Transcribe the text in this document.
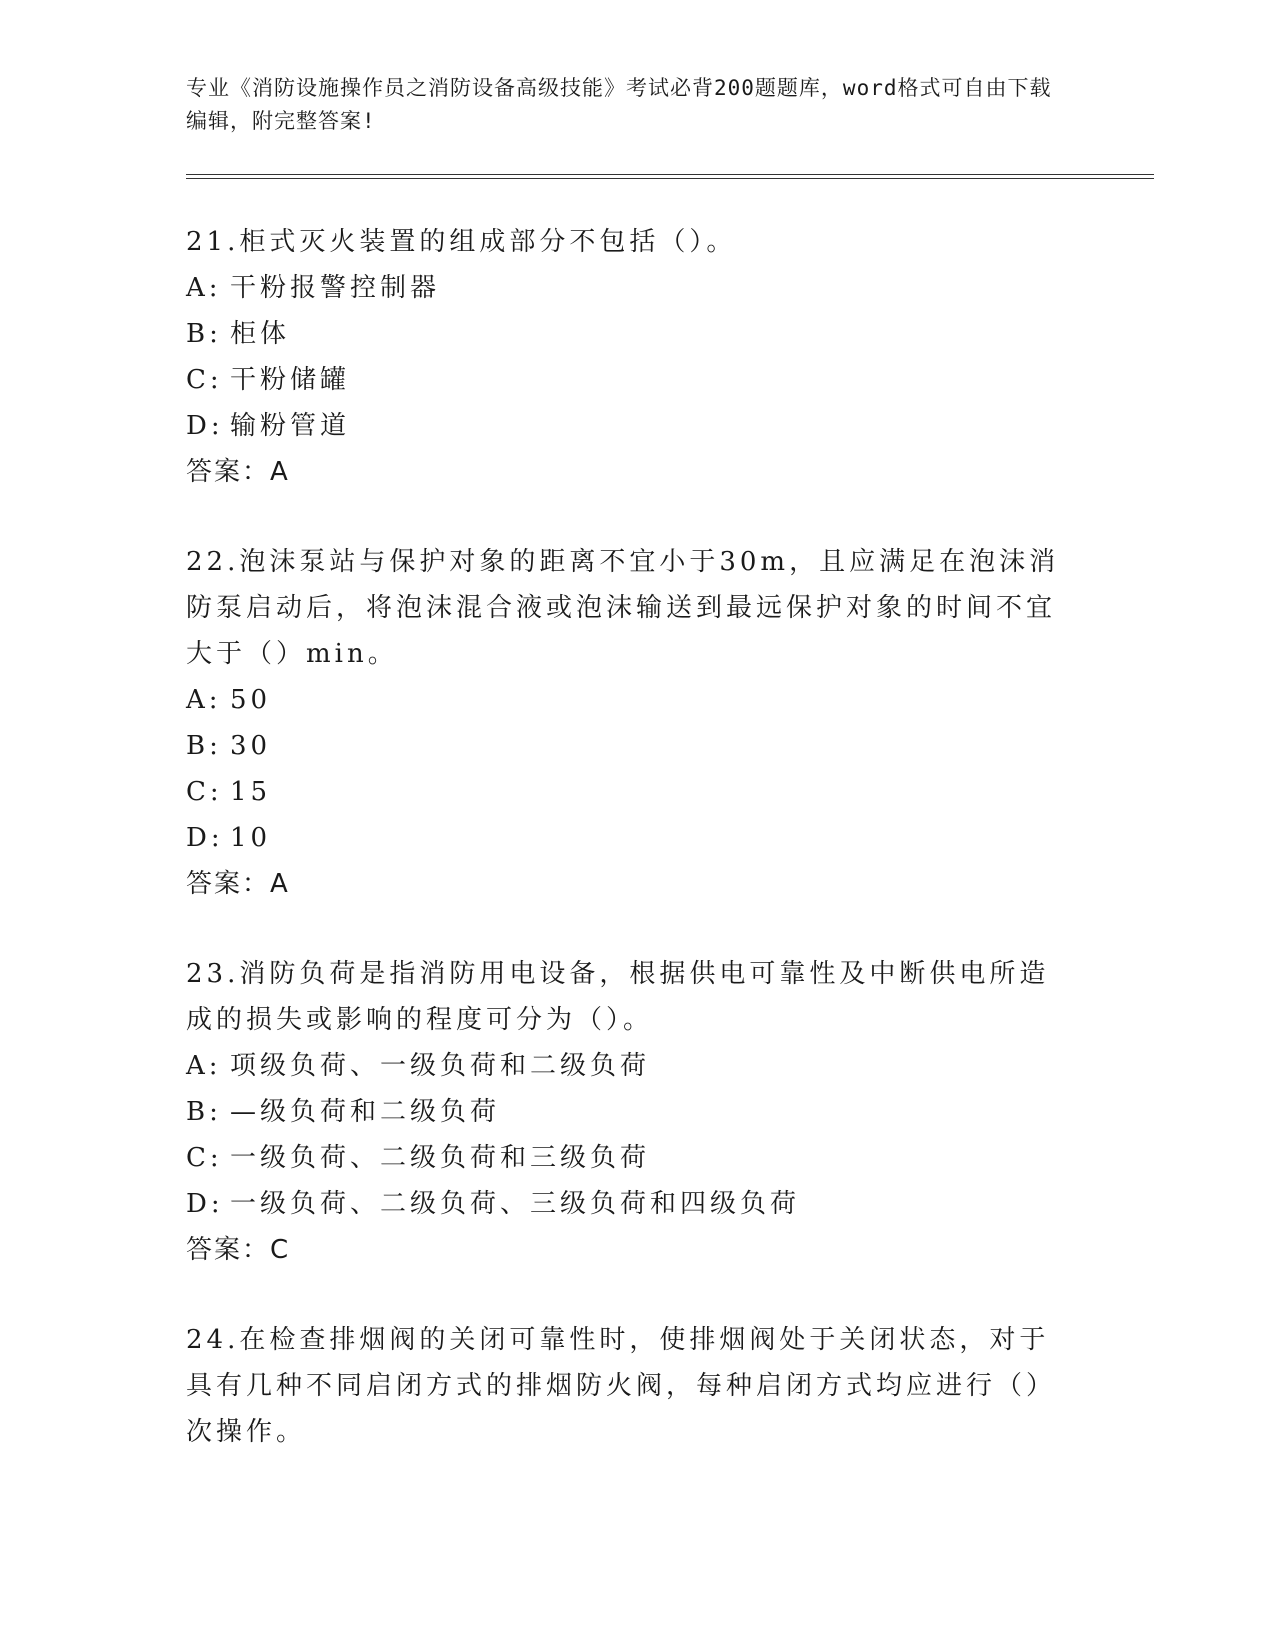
专业《消防设施操作员之消防设备高级技能》考试必背200题题库，word格式可自由下载编辑，附完整答案!

21.柜式灭火装置的组成部分不包括（）。

A: 干粉报警控制器

B: 柜体

C: 干粉储罐

D: 输粉管道

答案：A

22.泡沫泵站与保护对象的距离不宜小于30m，且应满足在泡沫消防泵启动后，将泡沫混合液或泡沫输送到最远保护对象的时间不宜大于（）min。

A: 50

B: 30

C: 15

D: 10

答案：A

23.消防负荷是指消防用电设备，根据供电可靠性及中断供电所造成的损失或影响的程度可分为（）。

A: 项级负荷、一级负荷和二级负荷

B: —级负荷和二级负荷

C: 一级负荷、二级负荷和三级负荷

D: 一级负荷、二级负荷、三级负荷和四级负荷

答案：C

24.在检查排烟阀的关闭可靠性时，使排烟阀处于关闭状态，对于具有几种不同启闭方式的排烟防火阀，每种启闭方式均应进行（）次操作。
